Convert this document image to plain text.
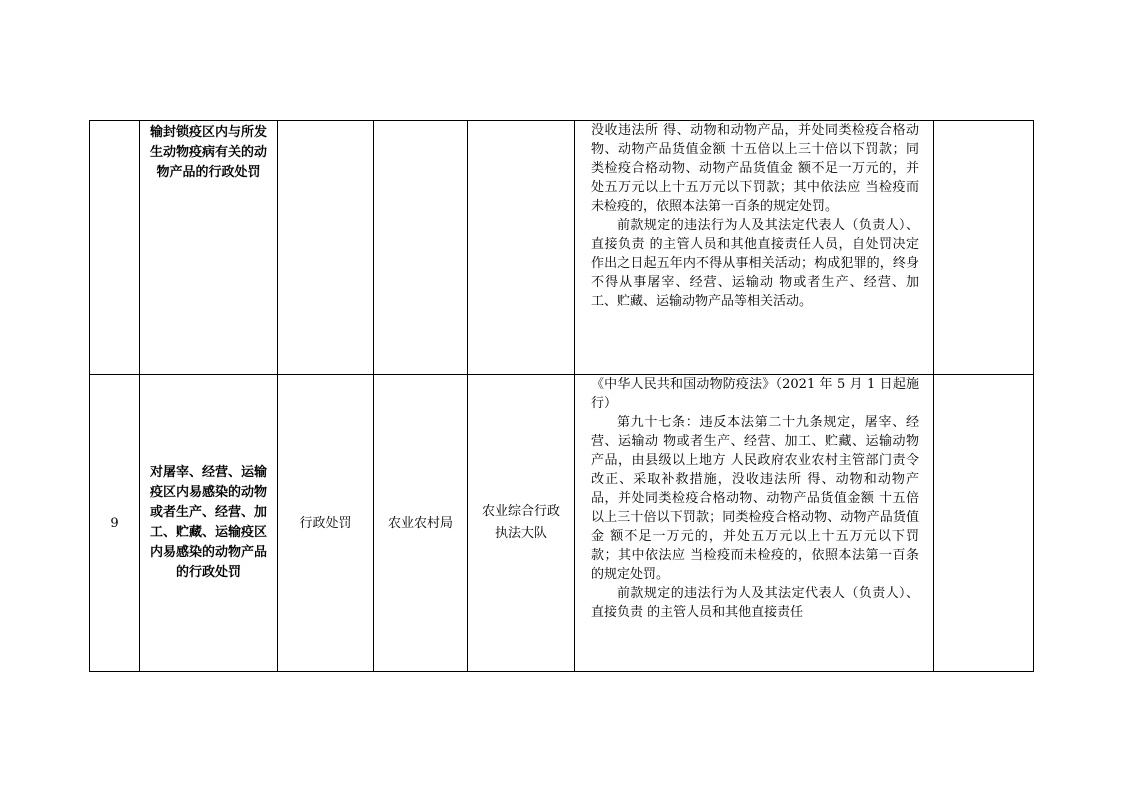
	输封锁疫区内与所发生动物疫病有关的动物产品的行政处罚				没收违法所 得、动物和动物产品，并处同类检疫合格动物、动物产品货值金额 十五倍以上三十倍以下罚款；同类检疫合格动物、动物产品货值金 额不足一万元的，并处五万元以上十五万元以下罚款；其中依法应 当检疫而未检疫的，依照本法第一百条的规定处罚。

前款规定的违法行为人及其法定代表人（负责人）、直接负责 的主管人员和其他直接责任人员，自处罚决定作出之日起五年内不得从事相关活动；构成犯罪的，终身不得从事屠宰、经营、运输动 物或者生产、经营、加工、贮藏、运输动物产品等相关活动。	

9	对屠宰、经营、运输疫区内易感染的动物或者生产、经营、加工、贮藏、运输疫区内易感染的动物产品的行政处罚	行政处罚	农业农村局	农业综合行政执法大队	《中华人民共和国动物防疫法》（2021 年 5 月 1 日起施行）

第九十七条：违反本法第二十九条规定，屠宰、经营、运输动 物或者生产、经营、加工、贮藏、运输动物产品，由县级以上地方 人民政府农业农村主管部门责令改正、采取补救措施，没收违法所 得、动物和动物产品，并处同类检疫合格动物、动物产品货值金额 十五倍以上三十倍以下罚款；同类检疫合格动物、动物产品货值金 额不足一万元的，并处五万元以上十五万元以下罚款；其中依法应 当检疫而未检疫的，依照本法第一百条的规定处罚。

前款规定的违法行为人及其法定代表人（负责人）、直接负责 的主管人员和其他直接责任	
